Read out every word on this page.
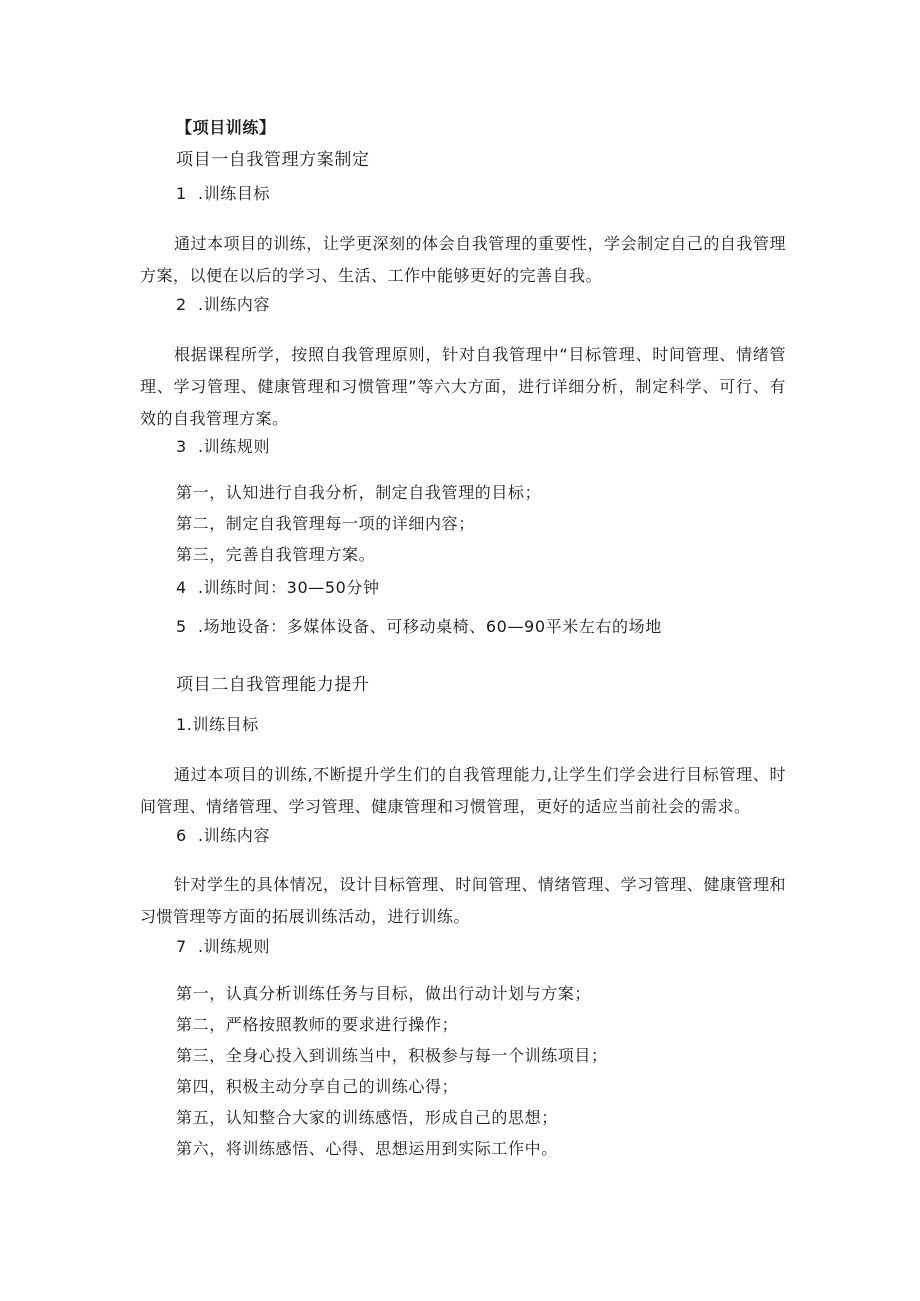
【项目训练】
项目一自我管理方案制定
1 .训练目标
通过本项目的训练，让学更深刻的体会自我管理的重要性，学会制定自己的自我管理方案，以便在以后的学习、生活、工作中能够更好的完善自我。
2 .训练内容
根据课程所学，按照自我管理原则，针对自我管理中“目标管理、时间管理、情绪管理、学习管理、健康管理和习惯管理”等六大方面，进行详细分析，制定科学、可行、有效的自我管理方案。
3 .训练规则
第一，认知进行自我分析，制定自我管理的目标；
第二，制定自我管理每一项的详细内容；
第三，完善自我管理方案。
4 .训练时间：30—50分钟
5 .场地设备：多媒体设备、可移动桌椅、60—90平米左右的场地
项目二自我管理能力提升
1.训练目标
通过本项目的训练,不断提升学生们的自我管理能力,让学生们学会进行目标管理、时间管理、情绪管理、学习管理、健康管理和习惯管理，更好的适应当前社会的需求。
6 .训练内容
针对学生的具体情况，设计目标管理、时间管理、情绪管理、学习管理、健康管理和习惯管理等方面的拓展训练活动，进行训练。
7 .训练规则
第一，认真分析训练任务与目标，做出行动计划与方案；
第二，严格按照教师的要求进行操作；
第三，全身心投入到训练当中，积极参与每一个训练项目；
第四，积极主动分享自己的训练心得；
第五，认知整合大家的训练感悟，形成自己的思想；
第六，将训练感悟、心得、思想运用到实际工作中。
